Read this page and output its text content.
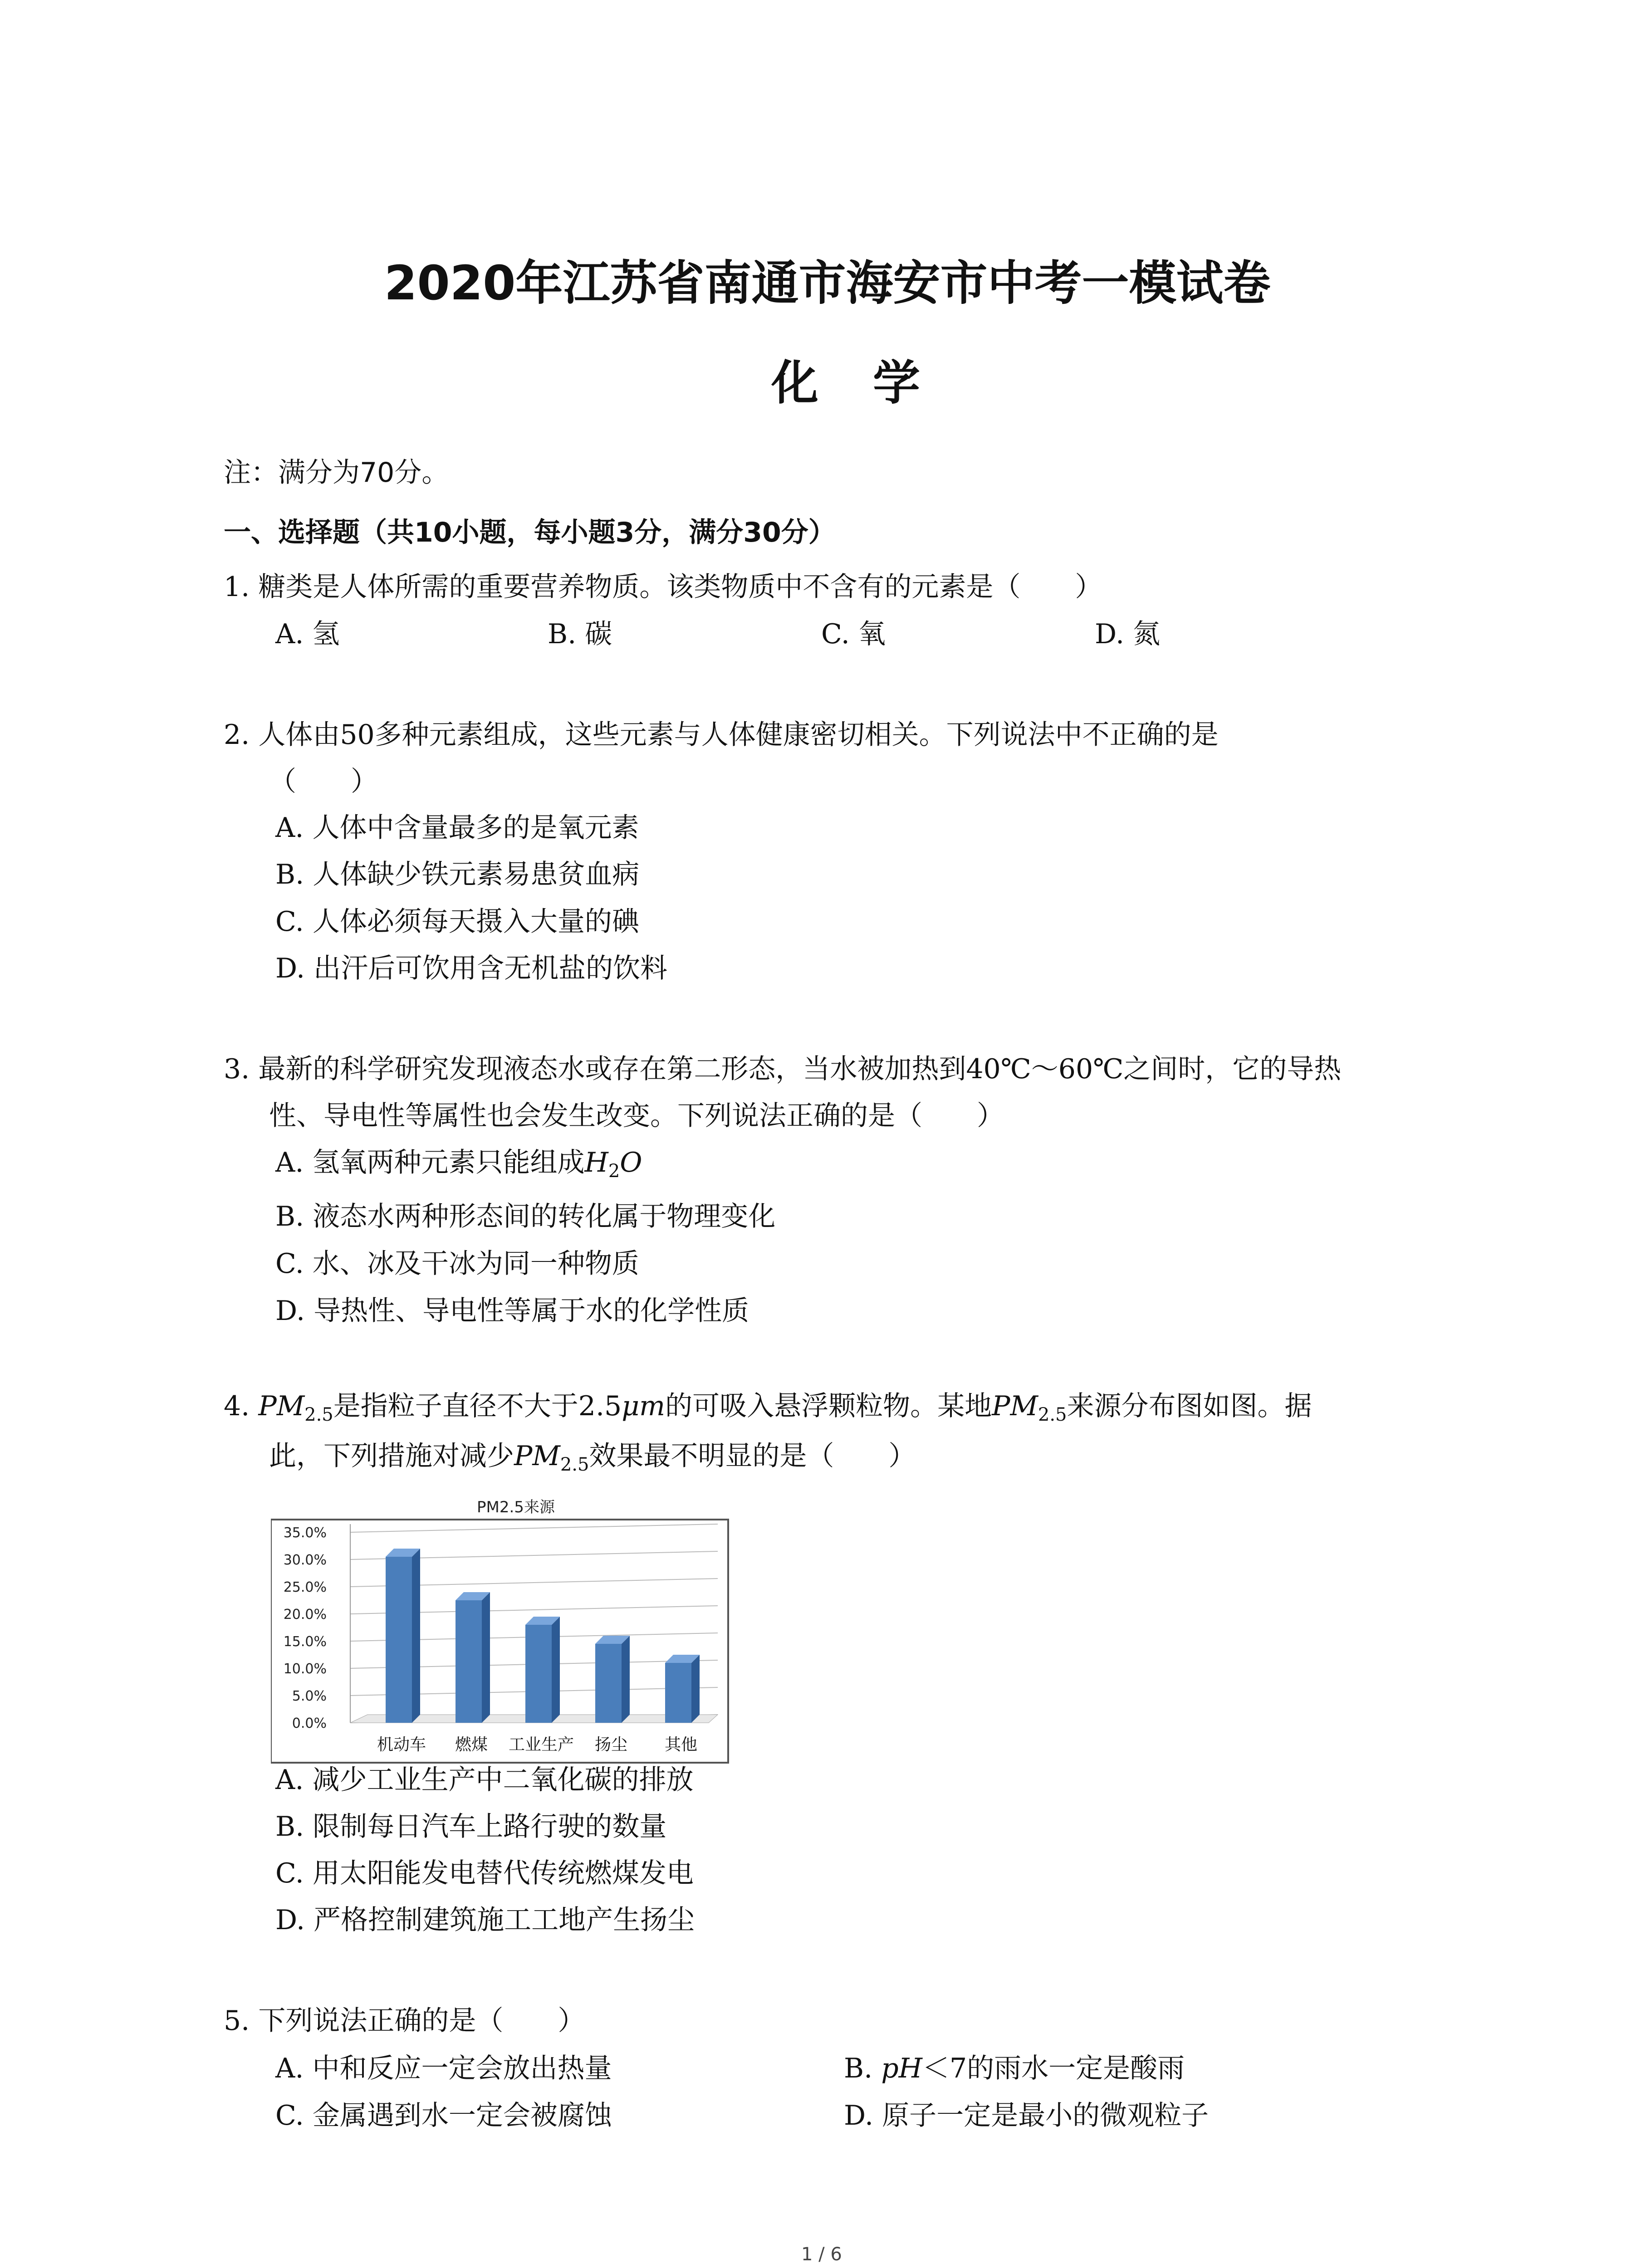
2020年江苏省南通市海安市中考一模试卷
化学
注：满分为70分。
一、选择题（共10小题，每小题3分，满分30分）
1. 糖类是人体所需的重要营养物质。该类物质中不含有的元素是（　　）
A. 氢	B. 碳	C. 氧	D. 氮
2. 人体由50多种元素组成，这些元素与人体健康密切相关。下列说法中不正确的是
（　　）
A. 人体中含量最多的是氧元素
B. 人体缺少铁元素易患贫血病
C. 人体必须每天摄入大量的碘
D. 出汗后可饮用含无机盐的饮料
3. 最新的科学研究发现液态水或存在第二形态，当水被加热到40℃～60℃之间时，它的导热
性、导电性等属性也会发生改变。下列说法正确的是（　　）
A. 氢氧两种元素只能组成$H_2O$
B. 液态水两种形态间的转化属于物理变化
C. 水、冰及干冰为同一种物质
D. 导热性、导电性等属于水的化学性质
4. $PM_{2.5}$是指粒子直径不大于2.5μm的可吸入悬浮颗粒物。某地$PM_{2.5}$来源分布图如图。据
此，下列措施对减少$PM_{2.5}$效果最不明显的是（　　）
PM2.5来源
0.0%
5.0%
10.0%
15.0%
20.0%
25.0%
30.0%
35.0%
机动车 燃煤 工业生产 扬尘 其他
A. 减少工业生产中二氧化碳的排放
B. 限制每日汽车上路行驶的数量
C. 用太阳能发电替代传统燃煤发电
D. 严格控制建筑施工工地产生扬尘
5. 下列说法正确的是（　　）
A. 中和反应一定会放出热量	B. pH＜7的雨水一定是酸雨
C. 金属遇到水一定会被腐蚀	D. 原子一定是最小的微观粒子
1 / 6
